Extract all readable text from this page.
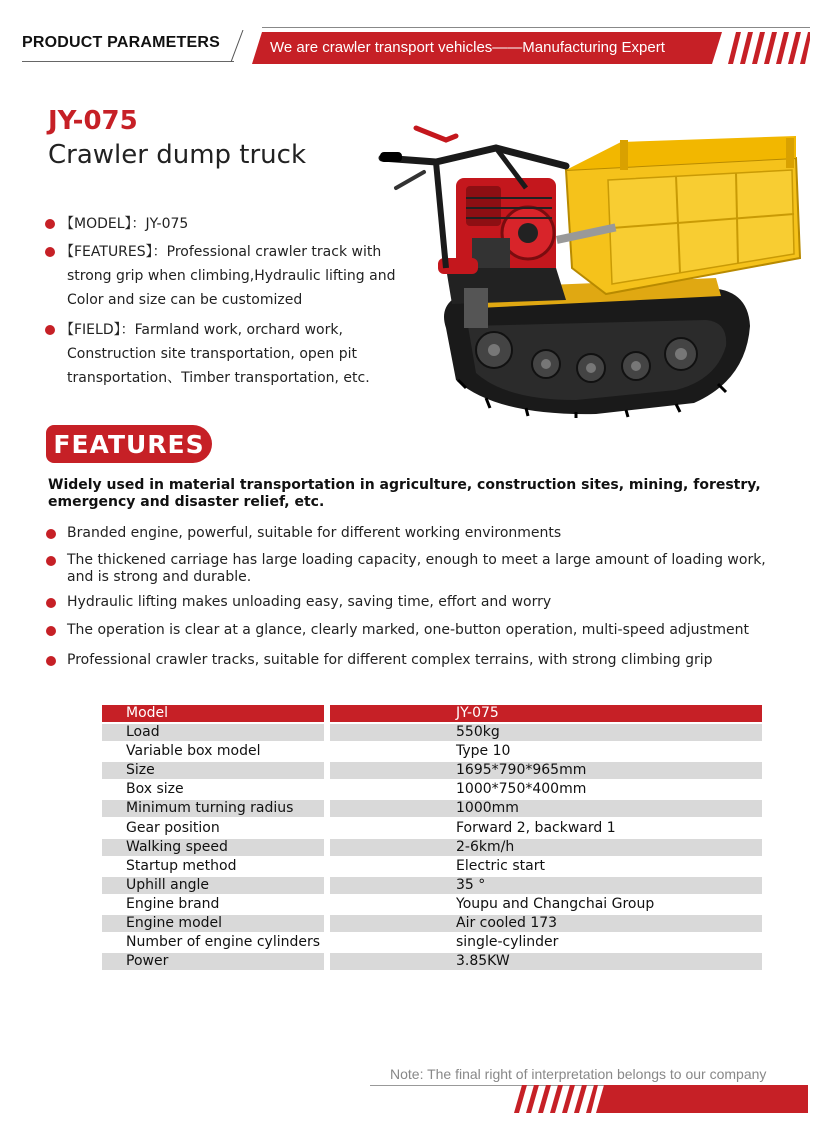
PRODUCT PARAMETERS	We are crawler transport vehicles——Manufacturing Expert
JY-075
Crawler dump truck
【MODEL】：JY-075
【FEATURES】：Professional crawler track with
strong grip when climbing,Hydraulic lifting and
Color and size can be customized
【FIELD】：Farmland work, orchard work,
Construction site transportation, open pit
transportation、Timber transportation, etc.
FEATURES
Widely used in material transportation in agriculture, construction sites, mining, forestry, emergency and disaster relief, etc.
Branded engine, powerful, suitable for different working environments
The thickened carriage has large loading capacity, enough to meet a large amount of loading work, and is strong and durable.
Hydraulic lifting makes unloading easy, saving time, effort and worry
The operation is clear at a glance, clearly marked, one-button operation, multi-speed adjustment
Professional crawler tracks, suitable for different complex terrains, with strong climbing grip
Model	JY-075
Load	550kg
Variable box model	Type 10
Size	1695*790*965mm
Box size	1000*750*400mm
Minimum turning radius	1000mm
Gear position	Forward 2, backward 1
Walking speed	2-6km/h
Startup method	Electric start
Uphill angle	35 °
Engine brand	Youpu and Changchai Group
Engine model	Air cooled 173
Number of engine cylinders	single-cylinder
Power	3.85KW
Note: The final right of interpretation belongs to our company
